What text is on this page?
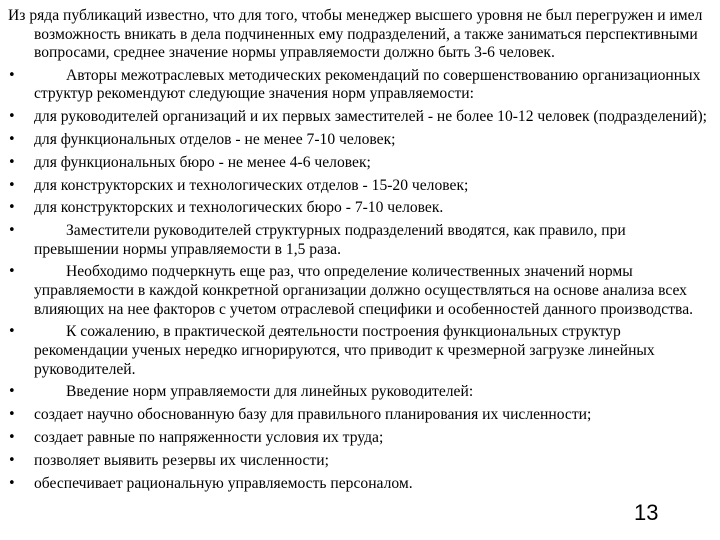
Из ряда публикаций известно, что для того, чтобы менеджер высшего уровня не был перегружен и имел возможность вникать в дела подчиненных ему подразделений, а также заниматься перспективными вопросами, среднее значение нормы управляемости должно быть 3-6 человек.

•	Авторы межотраслевых методических рекомендаций по совершенствованию организационных структур рекомендуют следующие значения норм управляемости:
•	для руководителей организаций и их первых заместителей - не более 10-12 человек (подразделений);
•	для функциональных отделов - не менее 7-10 человек;
•	для функциональных бюро - не менее 4-6 человек;
•	для конструкторских и технологических отделов - 15-20 человек;
•	для конструкторских и технологических бюро - 7-10 человек.
•	Заместители руководителей структурных подразделений вводятся, как правило, при превышении нормы управляемости в 1,5 раза.
•	Необходимо подчеркнуть еще раз, что определение количественных значений нормы управляемости в каждой конкретной организации должно осуществляться на основе анализа всех влияющих на нее факторов с учетом отраслевой специфики и особенностей данного производства.
•	К сожалению, в практической деятельности построения функциональных структур рекомендации ученых нередко игнорируются, что приводит к чрезмерной загрузке линейных руководителей.
•	Введение норм управляемости для линейных руководителей:
•	создает научно обоснованную базу для правильного планирования их численности;
•	создает равные по напряженности условия их труда;
•	позволяет выявить резервы их численности;
•	обеспечивает рациональную управляемость персоналом.
13
